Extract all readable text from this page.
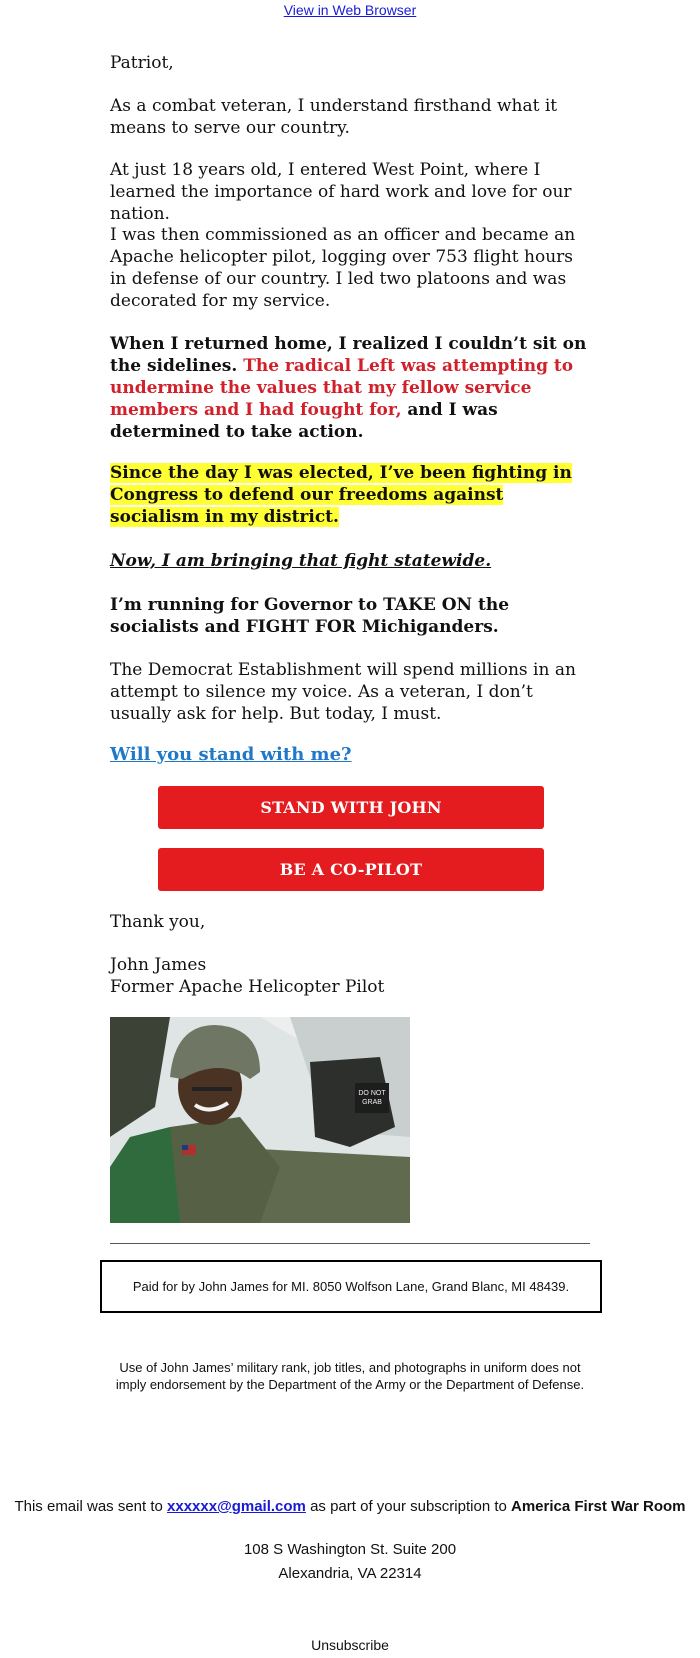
View in Web Browser

Patriot,

As a combat veteran, I understand firsthand what it means to serve our country.

At just 18 years old, I entered West Point, where I learned the importance of hard work and love for our nation.

I was then commissioned as an officer and became an Apache helicopter pilot, logging over 753 flight hours in defense of our country. I led two platoons and was decorated for my service.

When I returned home, I realized I couldn’t sit on the sidelines. The radical Left was attempting to undermine the values that my fellow service members and I had fought for, and I was determined to take action.

Since the day I was elected, I’ve been fighting in Congress to defend our freedoms against socialism in my district.

Now, I am bringing that fight statewide.

I’m running for Governor to TAKE ON the socialists and FIGHT FOR Michiganders.

The Democrat Establishment will spend millions in an attempt to silence my voice. As a veteran, I don’t usually ask for help. But today, I must.

Will you stand with me?
STAND WITH JOHN
BE A CO-PILOT

Thank you,

John James

Former Apache Helicopter Pilot

DO NOT
GRAB
Paid for by John James for MI. 8050 Wolfson Lane, Grand Blanc, MI 48439.
Use of John James’ military rank, job titles, and photographs in uniform does not imply endorsement by the Department of the Army or the Department of Defense.
This email was sent to xxxxxx@gmail.com as part of your subscription to America First War Room
108 S Washington St. Suite 200
Alexandria, VA 22314
Unsubscribe
